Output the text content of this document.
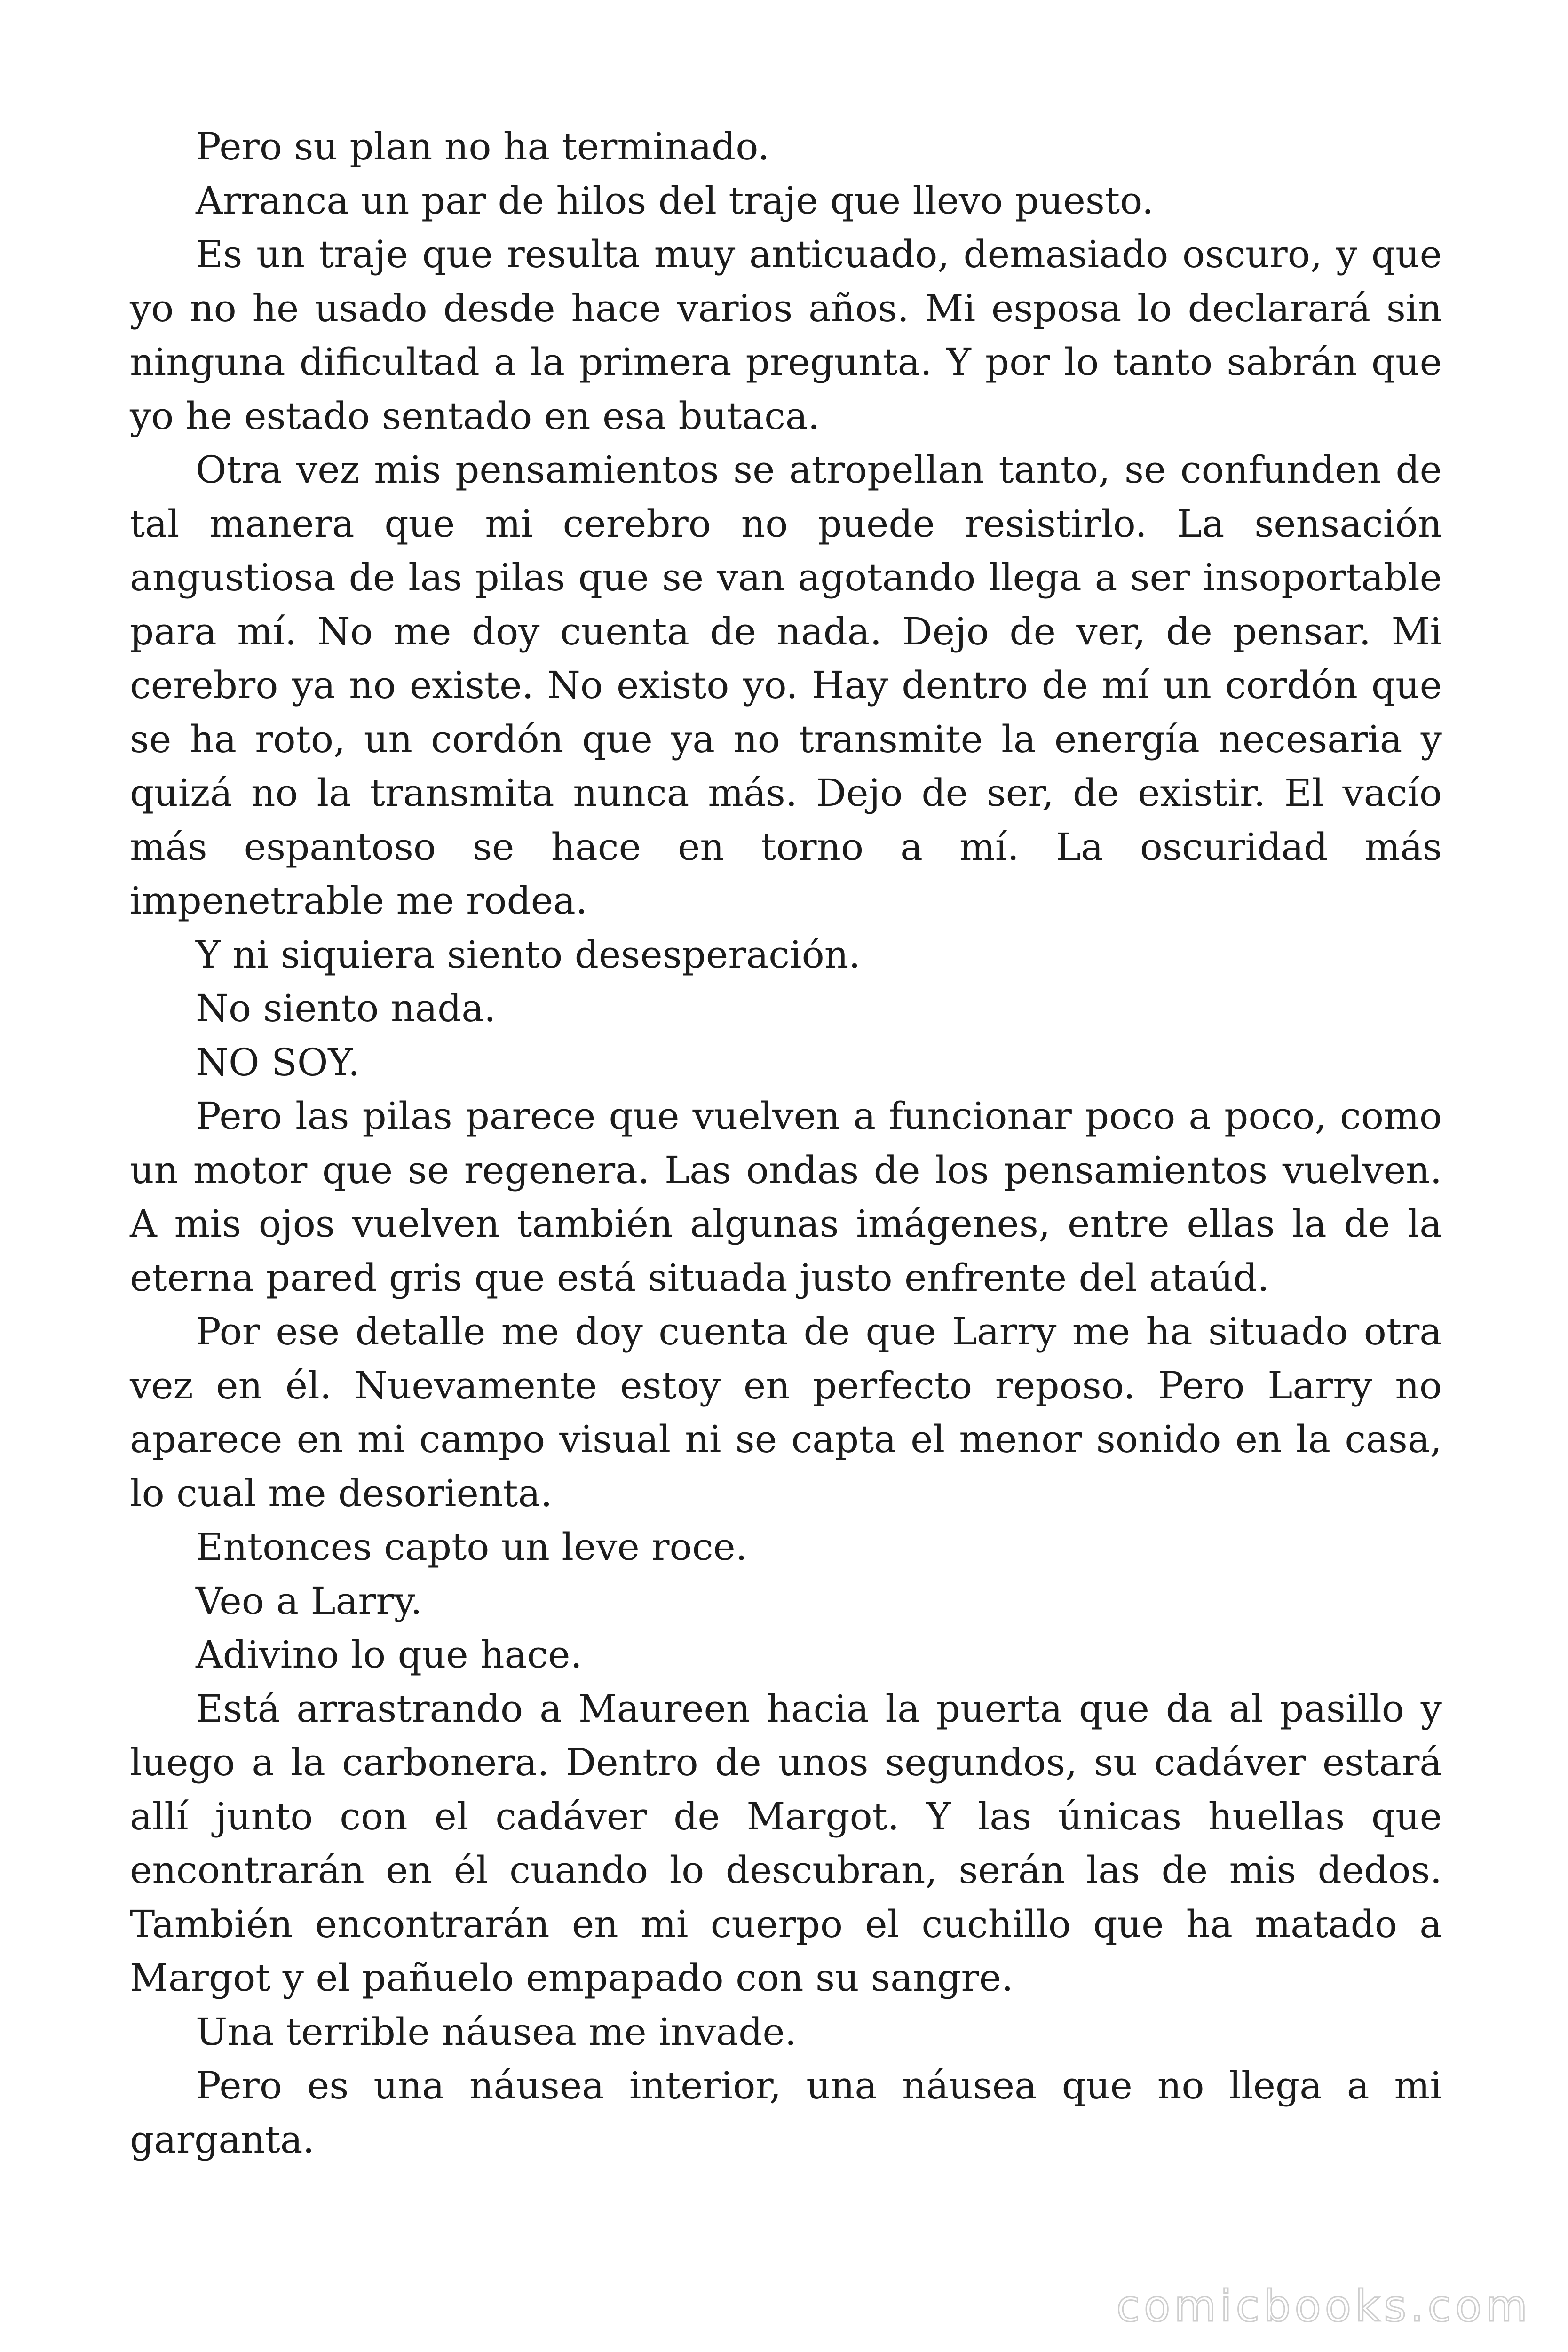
Pero su plan no ha terminado.

Arranca un par de hilos del traje que llevo puesto.

Es un traje que resulta muy anticuado, demasiado oscuro, y que yo no he usado desde hace varios años. Mi esposa lo declarará sin ninguna dificultad a la primera pregunta. Y por lo tanto sabrán que yo he estado sentado en esa butaca.

Otra vez mis pensamientos se atropellan tanto, se confunden de tal manera que mi cerebro no puede resistirlo. La sensación angustiosa de las pilas que se van agotando llega a ser insoportable para mí. No me doy cuenta de nada. Dejo de ver, de pensar. Mi cerebro ya no existe. No existo yo. Hay dentro de mí un cordón que se ha roto, un cordón que ya no transmite la energía necesaria y quizá no la transmita nunca más. Dejo de ser, de existir. El vacío más espantoso se hace en torno a mí. La oscuridad más impenetrable me rodea.

Y ni siquiera siento desesperación.

No siento nada.

NO SOY.

Pero las pilas parece que vuelven a funcionar poco a poco, como un motor que se regenera. Las ondas de los pensamientos vuelven. A mis ojos vuelven también algunas imágenes, entre ellas la de la eterna pared gris que está situada justo enfrente del ataúd.

Por ese detalle me doy cuenta de que Larry me ha situado otra vez en él. Nuevamente estoy en perfecto reposo. Pero Larry no aparece en mi campo visual ni se capta el menor sonido en la casa, lo cual me desorienta.

Entonces capto un leve roce.

Veo a Larry.

Adivino lo que hace.

Está arrastrando a Maureen hacia la puerta que da al pasillo y luego a la carbonera. Dentro de unos segundos, su cadáver estará allí junto con el cadáver de Margot. Y las únicas huellas que encontrarán en él cuando lo descubran, serán las de mis dedos. También encontrarán en mi cuerpo el cuchillo que ha matado a Margot y el pañuelo empapado con su sangre.

Una terrible náusea me invade.

Pero es una náusea interior, una náusea que no llega a mi garganta.

comicbooks.com
